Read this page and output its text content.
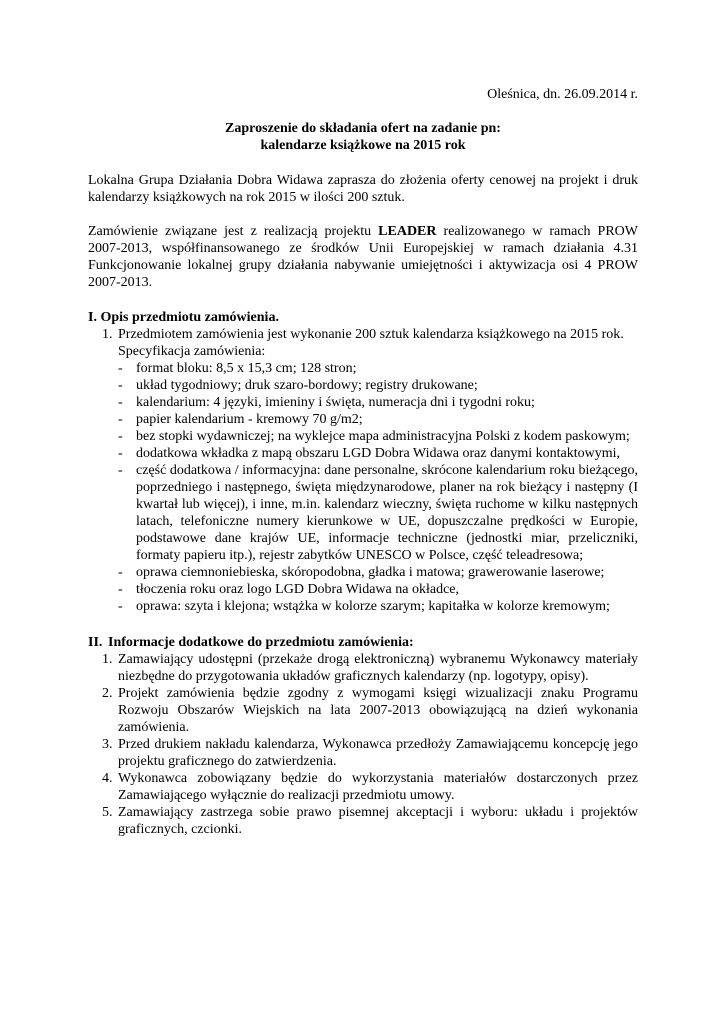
Oleśnica, dn. 26.09.2014 r.

Zaproszenie do składania ofert na zadanie pn:
kalendarze książkowe na 2015 rok

Lokalna Grupa Działania Dobra Widawa zaprasza do złożenia oferty cenowej na projekt i druk kalendarzy książkowych na rok 2015 w ilości 200 sztuk.

Zamówienie związane jest z realizacją projektu LEADER realizowanego w ramach PROW 2007-2013, współfinansowanego ze środków Unii Europejskiej w ramach działania 4.31 Funkcjonowanie lokalnej grupy działania nabywanie umiejętności i aktywizacja osi 4 PROW 2007-2013.

I. Opis przedmiotu zamówienia.
1. Przedmiotem zamówienia jest wykonanie 200 sztuk kalendarza książkowego na 2015 rok.
Specyfikacja zamówienia:
- format bloku: 8,5 x 15,3 cm; 128 stron;
- układ tygodniowy; druk szaro-bordowy; registry drukowane;
- kalendarium: 4 języki, imieniny i święta, numeracja dni i tygodni roku;
- papier kalendarium - kremowy 70 g/m2;
- bez stopki wydawniczej; na wyklejce mapa administracyjna Polski z kodem paskowym;
- dodatkowa wkładka z mapą obszaru LGD Dobra Widawa oraz danymi kontaktowymi,
- część dodatkowa / informacyjna: dane personalne, skrócone kalendarium roku bieżącego, poprzedniego i następnego, święta międzynarodowe, planer na rok bieżący i następny (I kwartał lub więcej), i inne, m.in. kalendarz wieczny, święta ruchome w kilku następnych latach, telefoniczne numery kierunkowe w UE, dopuszczalne prędkości w Europie, podstawowe dane krajów UE, informacje techniczne (jednostki miar, przeliczniki, formaty papieru itp.), rejestr zabytków UNESCO w Polsce, część teleadresowa;
- oprawa ciemnoniebieska, skóropodobna, gładka i matowa; grawerowanie laserowe;
- tłoczenia roku oraz logo LGD Dobra Widawa na okładce,
- oprawa: szyta i klejona; wstążka w kolorze szarym; kapitałka w kolorze kremowym;
II. Informacje dodatkowe do przedmiotu zamówienia:
1. Zamawiający udostępni (przekaże drogą elektroniczną) wybranemu Wykonawcy materiały niezbędne do przygotowania układów graficznych kalendarzy (np. logotypy, opisy).
2. Projekt zamówienia będzie zgodny z wymogami księgi wizualizacji znaku Programu Rozwoju Obszarów Wiejskich na lata 2007-2013 obowiązującą na dzień wykonania zamówienia.
3. Przed drukiem nakładu kalendarza, Wykonawca przedłoży Zamawiającemu koncepcję jego projektu graficznego do zatwierdzenia.
4. Wykonawca zobowiązany będzie do wykorzystania materiałów dostarczonych przez Zamawiającego wyłącznie do realizacji przedmiotu umowy.
5. Zamawiający zastrzega sobie prawo pisemnej akceptacji i wyboru: układu i projektów graficznych, czcionki.
